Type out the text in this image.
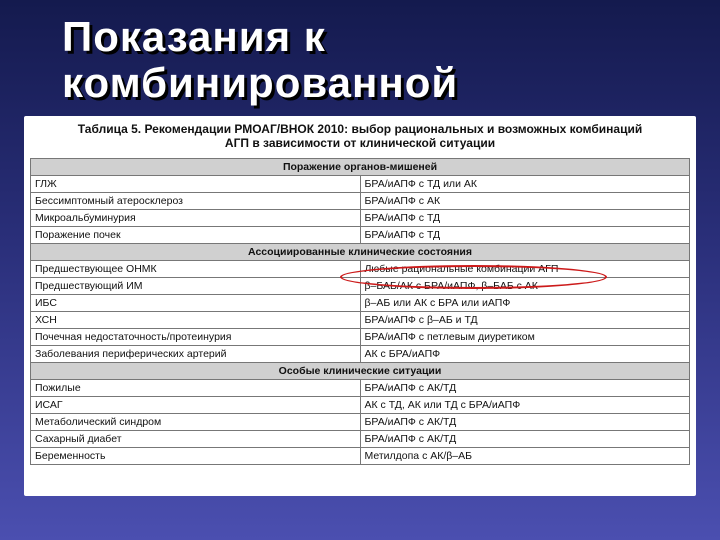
Показания к
комбинированной
Таблица 5. Рекомендации РМОАГ/ВНОК 2010: выбор рациональных и возможных комбинаций
АГП в зависимости от клинической ситуации
Поражение органов-мишеней	
ГЛЖ	БРА/иАПФ с ТД или АК
Бессимптомный атеросклероз	БРА/иАПФ с АК
Микроальбуминурия	БРА/иАПФ с ТД
Поражение почек	БРА/иАПФ с ТД
Ассоциированные клинические состояния	
Предшествующее ОНМК	Любые рациональные комбинации АГП
Предшествующий ИМ	β–БАБ/АК с БРА/иАПФ, β–БАБ с АК
ИБС	β–АБ или АК с БРА или иАПФ
ХСН	БРА/иАПФ с β–АБ и ТД
Почечная недостаточность/протеинурия	БРА/иАПФ с петлевым диуретиком
Заболевания периферических артерий	АК с БРА/иАПФ
Особые клинические ситуации	
Пожилые	БРА/иАПФ с АК/ТД
ИСАГ	АК с ТД, АК или ТД с БРА/иАПФ
Метаболический синдром	БРА/иАПФ с АК/ТД
Сахарный диабет	БРА/иАПФ с АК/ТД
Беременность	Метилдопа с АК/β–АБ
